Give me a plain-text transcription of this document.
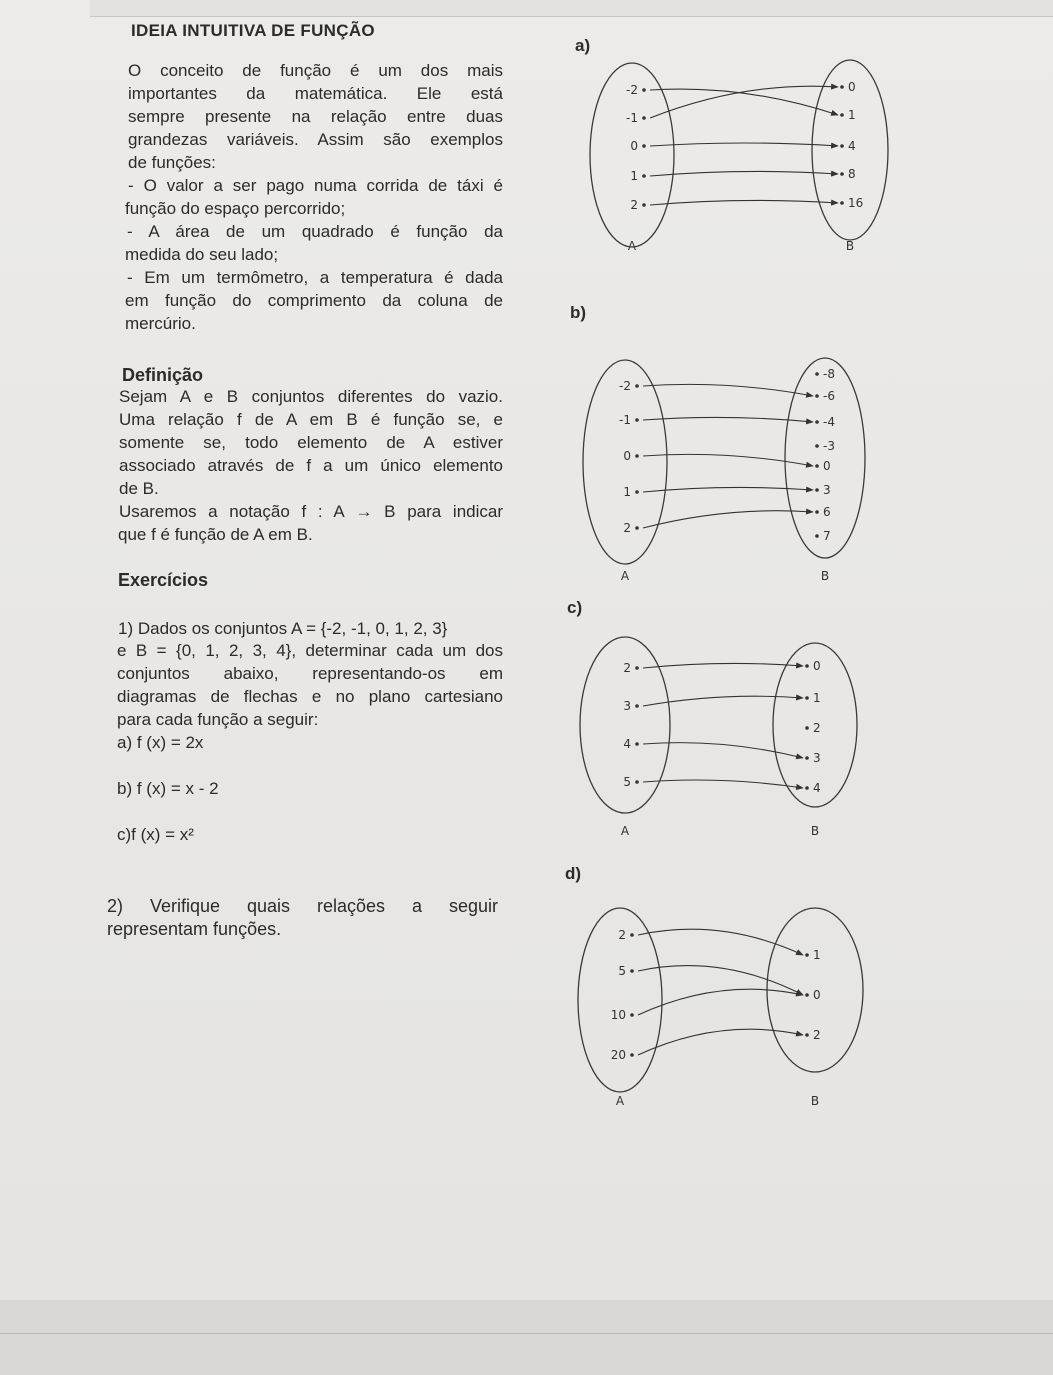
IDEIA INTUITIVA DE FUNÇÃO
O conceito de função é um dos mais
importantes da matemática. Ele está
sempre presente na relação entre duas
grandezas variáveis. Assim são exemplos
de funções:
- O valor a ser pago numa corrida de táxi é
função do espaço percorrido;
- A área de um quadrado é função da
medida do seu lado;
- Em um termômetro, a temperatura é dada
em função do comprimento da coluna de
mercúrio.
Definição
Sejam A e B conjuntos diferentes do vazio.
Uma relação f de A em B é função se, e
somente se, todo elemento de A estiver
associado através de f a um único elemento
de B.
Usaremos a notação f : A → B para indicar
que f é função de A em B.
Exercícios
1) Dados os conjuntos A = {-2, -1, 0, 1, 2, 3}
e B = {0, 1, 2, 3, 4}, determinar cada um dos
conjuntos abaixo, representando-os em
diagramas de flechas e no plano cartesiano
para cada função a seguir:
a) f (x) = 2x
b) f (x) = x - 2
c)f (x) = x²
2) Verifique quais relações a seguir
representam funções.
a)
b)
c)
d)
-2
-1
0
1
2
0
1
4
8
16
A	B
-2
-1
0
1
2
-8
-6
-4
-3
0
3
6
7
A	B
2
3
4
5
0
1
2
3
4
A	B
2
5
10
20
1
0
2
A	B
